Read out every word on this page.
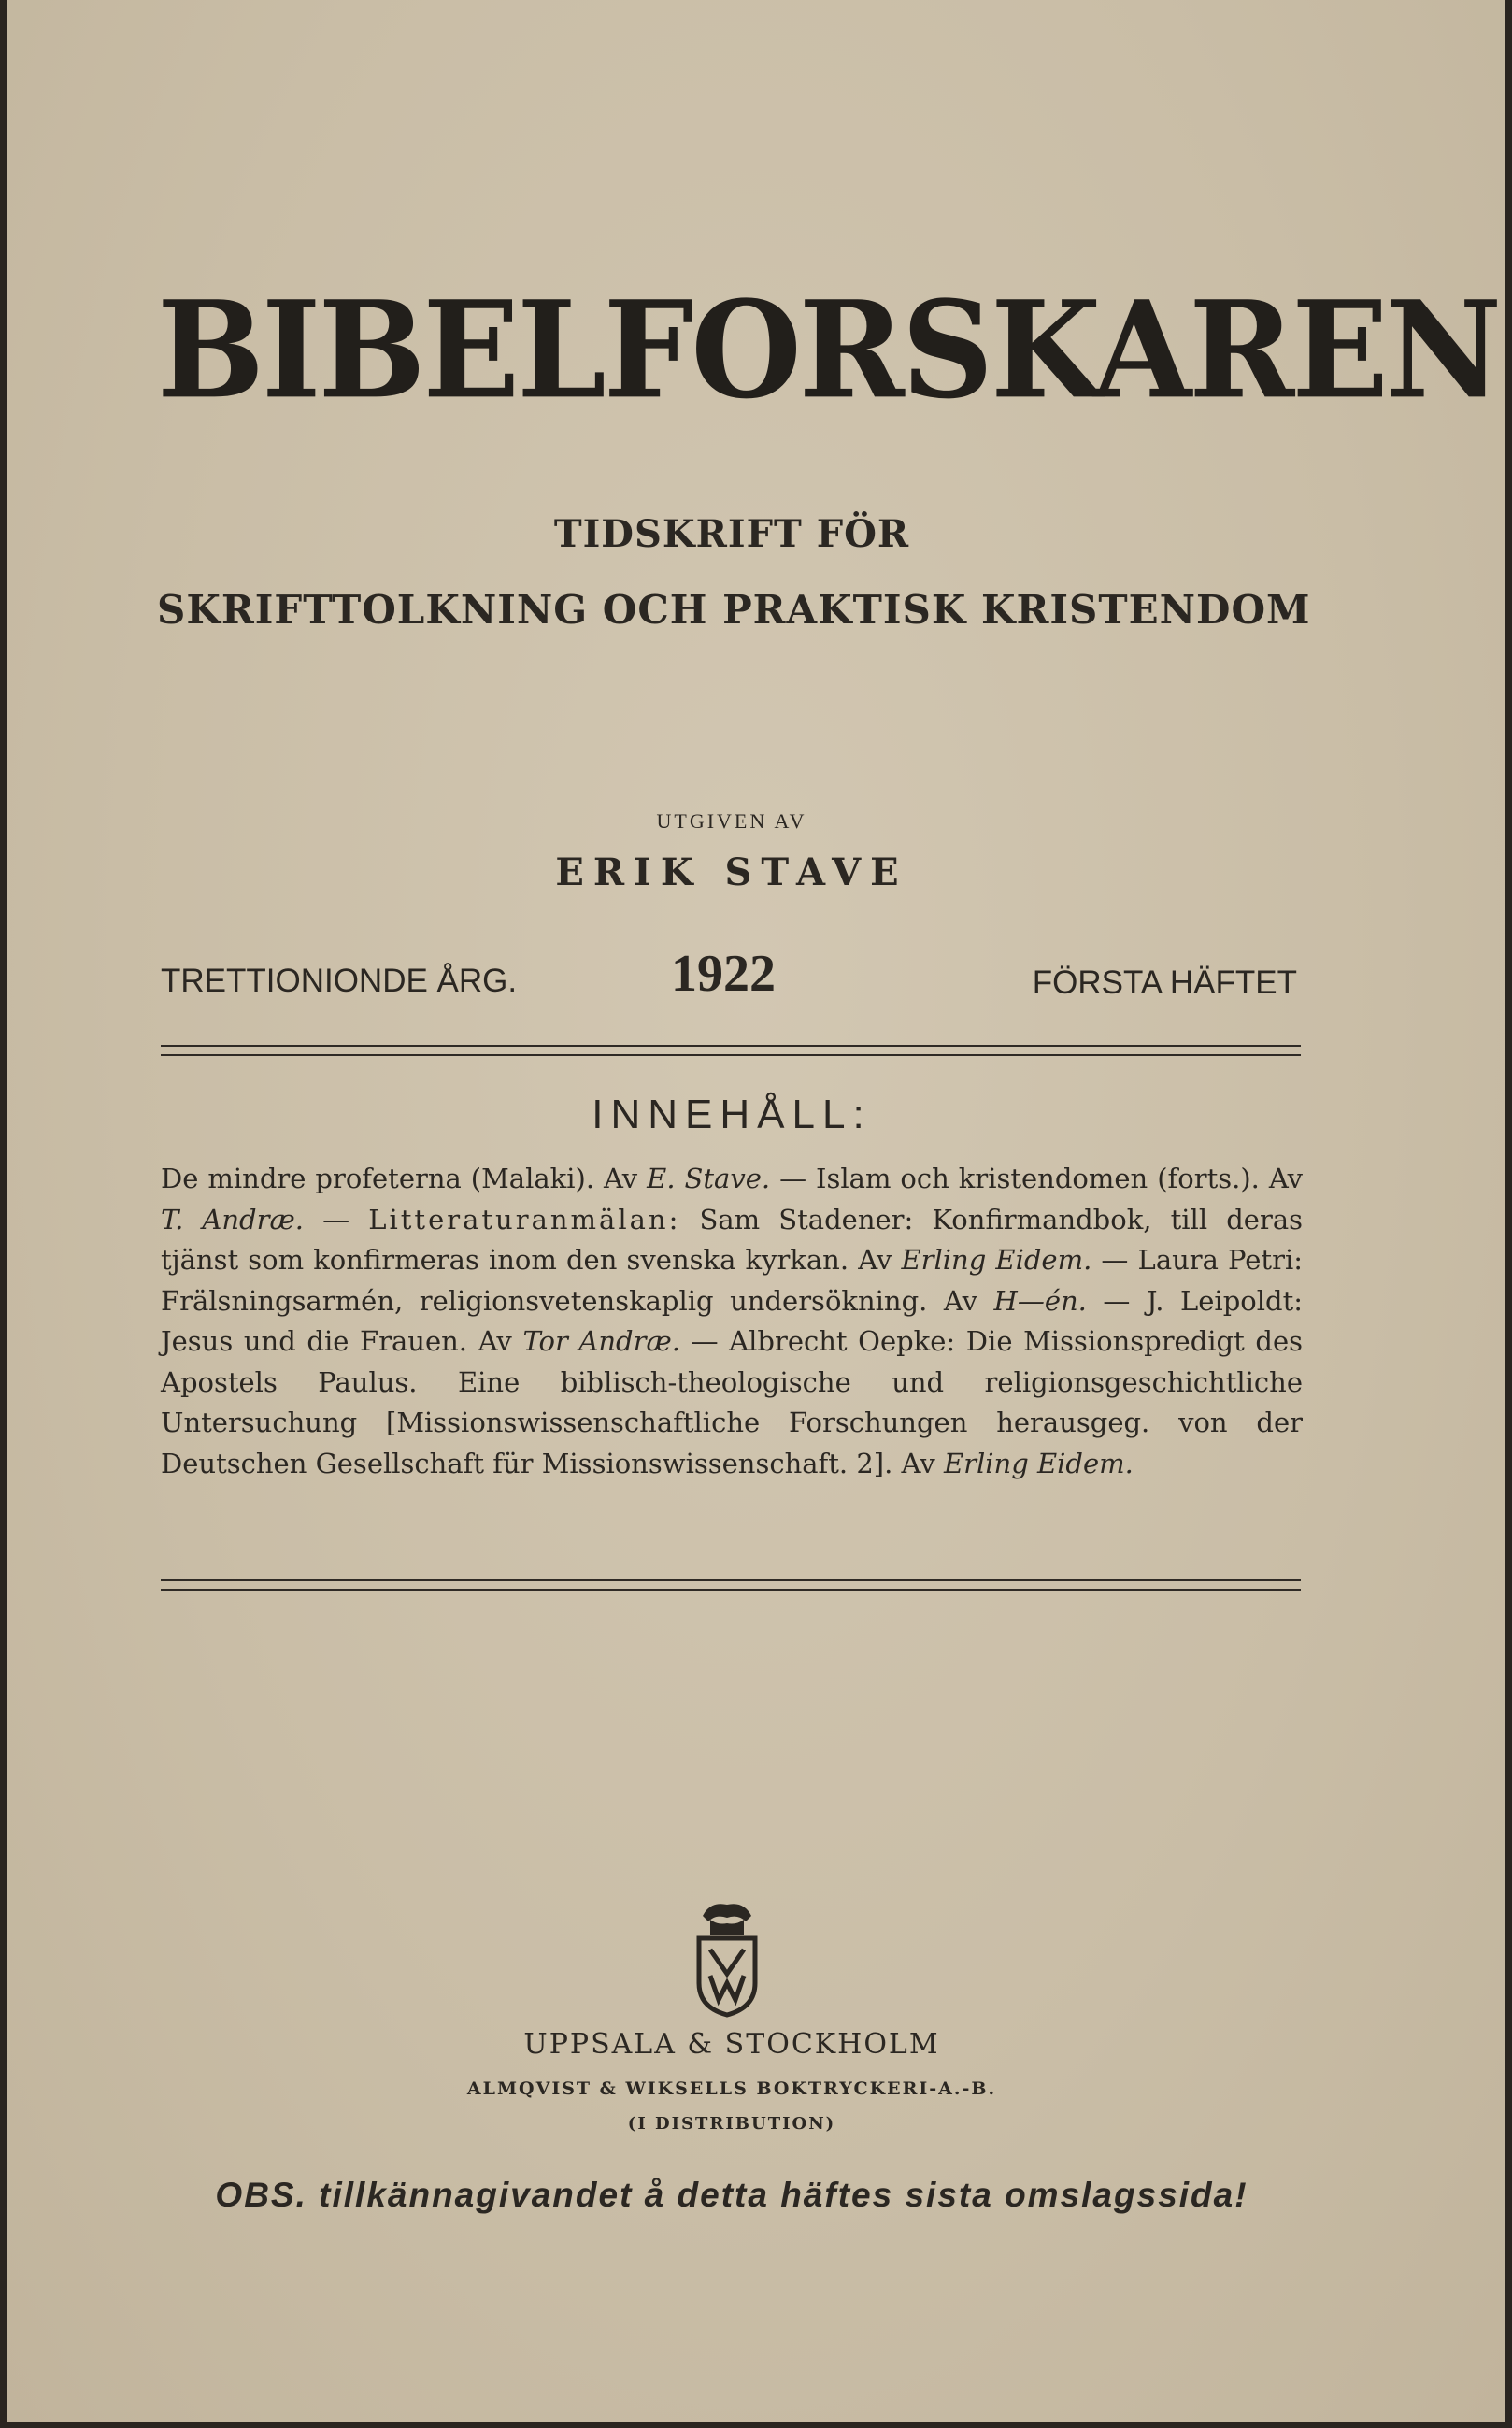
BIBELFORSKAREN
TIDSKRIFT FÖR
SKRIFTTOLKNING OCH PRAKTISK KRISTENDOM
UTGIVEN AV
ERIK STAVE
TRETTIONIONDE ÅRG.	1922	FÖRSTA HÄFTET
INNEHÅLL:
De mindre profeterna (Malaki). Av E. Stave. — Islam och kristendomen (forts.). Av T. Andræ. — Litteraturanmälan: Sam Stadener: Konfirmandbok, till deras tjänst som konfirmeras inom den svenska kyrkan. Av Erling Eidem. — Laura Petri: Frälsningsarmén, religionsvetenskaplig undersökning. Av H—én. — J. Leipoldt: Jesus und die Frauen. Av Tor Andræ. — Albrecht Oepke: Die Missionspredigt des Apostels Paulus. Eine biblisch-theologische und religionsgeschichtliche Untersuchung [Missionswissenschaftliche Forschungen herausgeg. von der Deutschen Gesellschaft für Missionswissenschaft. 2]. Av Erling Eidem.
UPPSALA & STOCKHOLM
ALMQVIST & WIKSELLS BOKTRYCKERI-A.-B.
(I DISTRIBUTION)
OBS. tillkännagivandet å detta häftes sista omslagssida!
